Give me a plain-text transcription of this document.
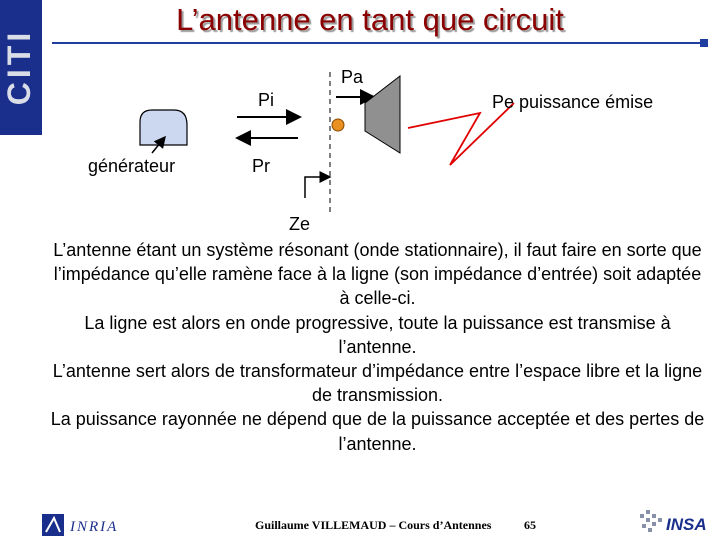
CITI
L’antenne en tant que circuit
générateur
Pi
Pr
Pa
Pe puissance émise
Ze

L’antenne étant un système résonant (onde stationnaire), il faut faire en sorte que l’impédance qu’elle ramène face à la ligne (son impédance d’entrée) soit adaptée à celle-ci.

La ligne est alors en onde progressive, toute la puissance est transmise à l’antenne.

L’antenne sert alors de transformateur d’impédance entre l’espace libre et la ligne de transmission.

La puissance rayonnée ne dépend que de la puissance acceptée et des pertes de l’antenne.

INRIA	Guillaume VILLEMAUD – Cours d’Antennes	65	INSA
